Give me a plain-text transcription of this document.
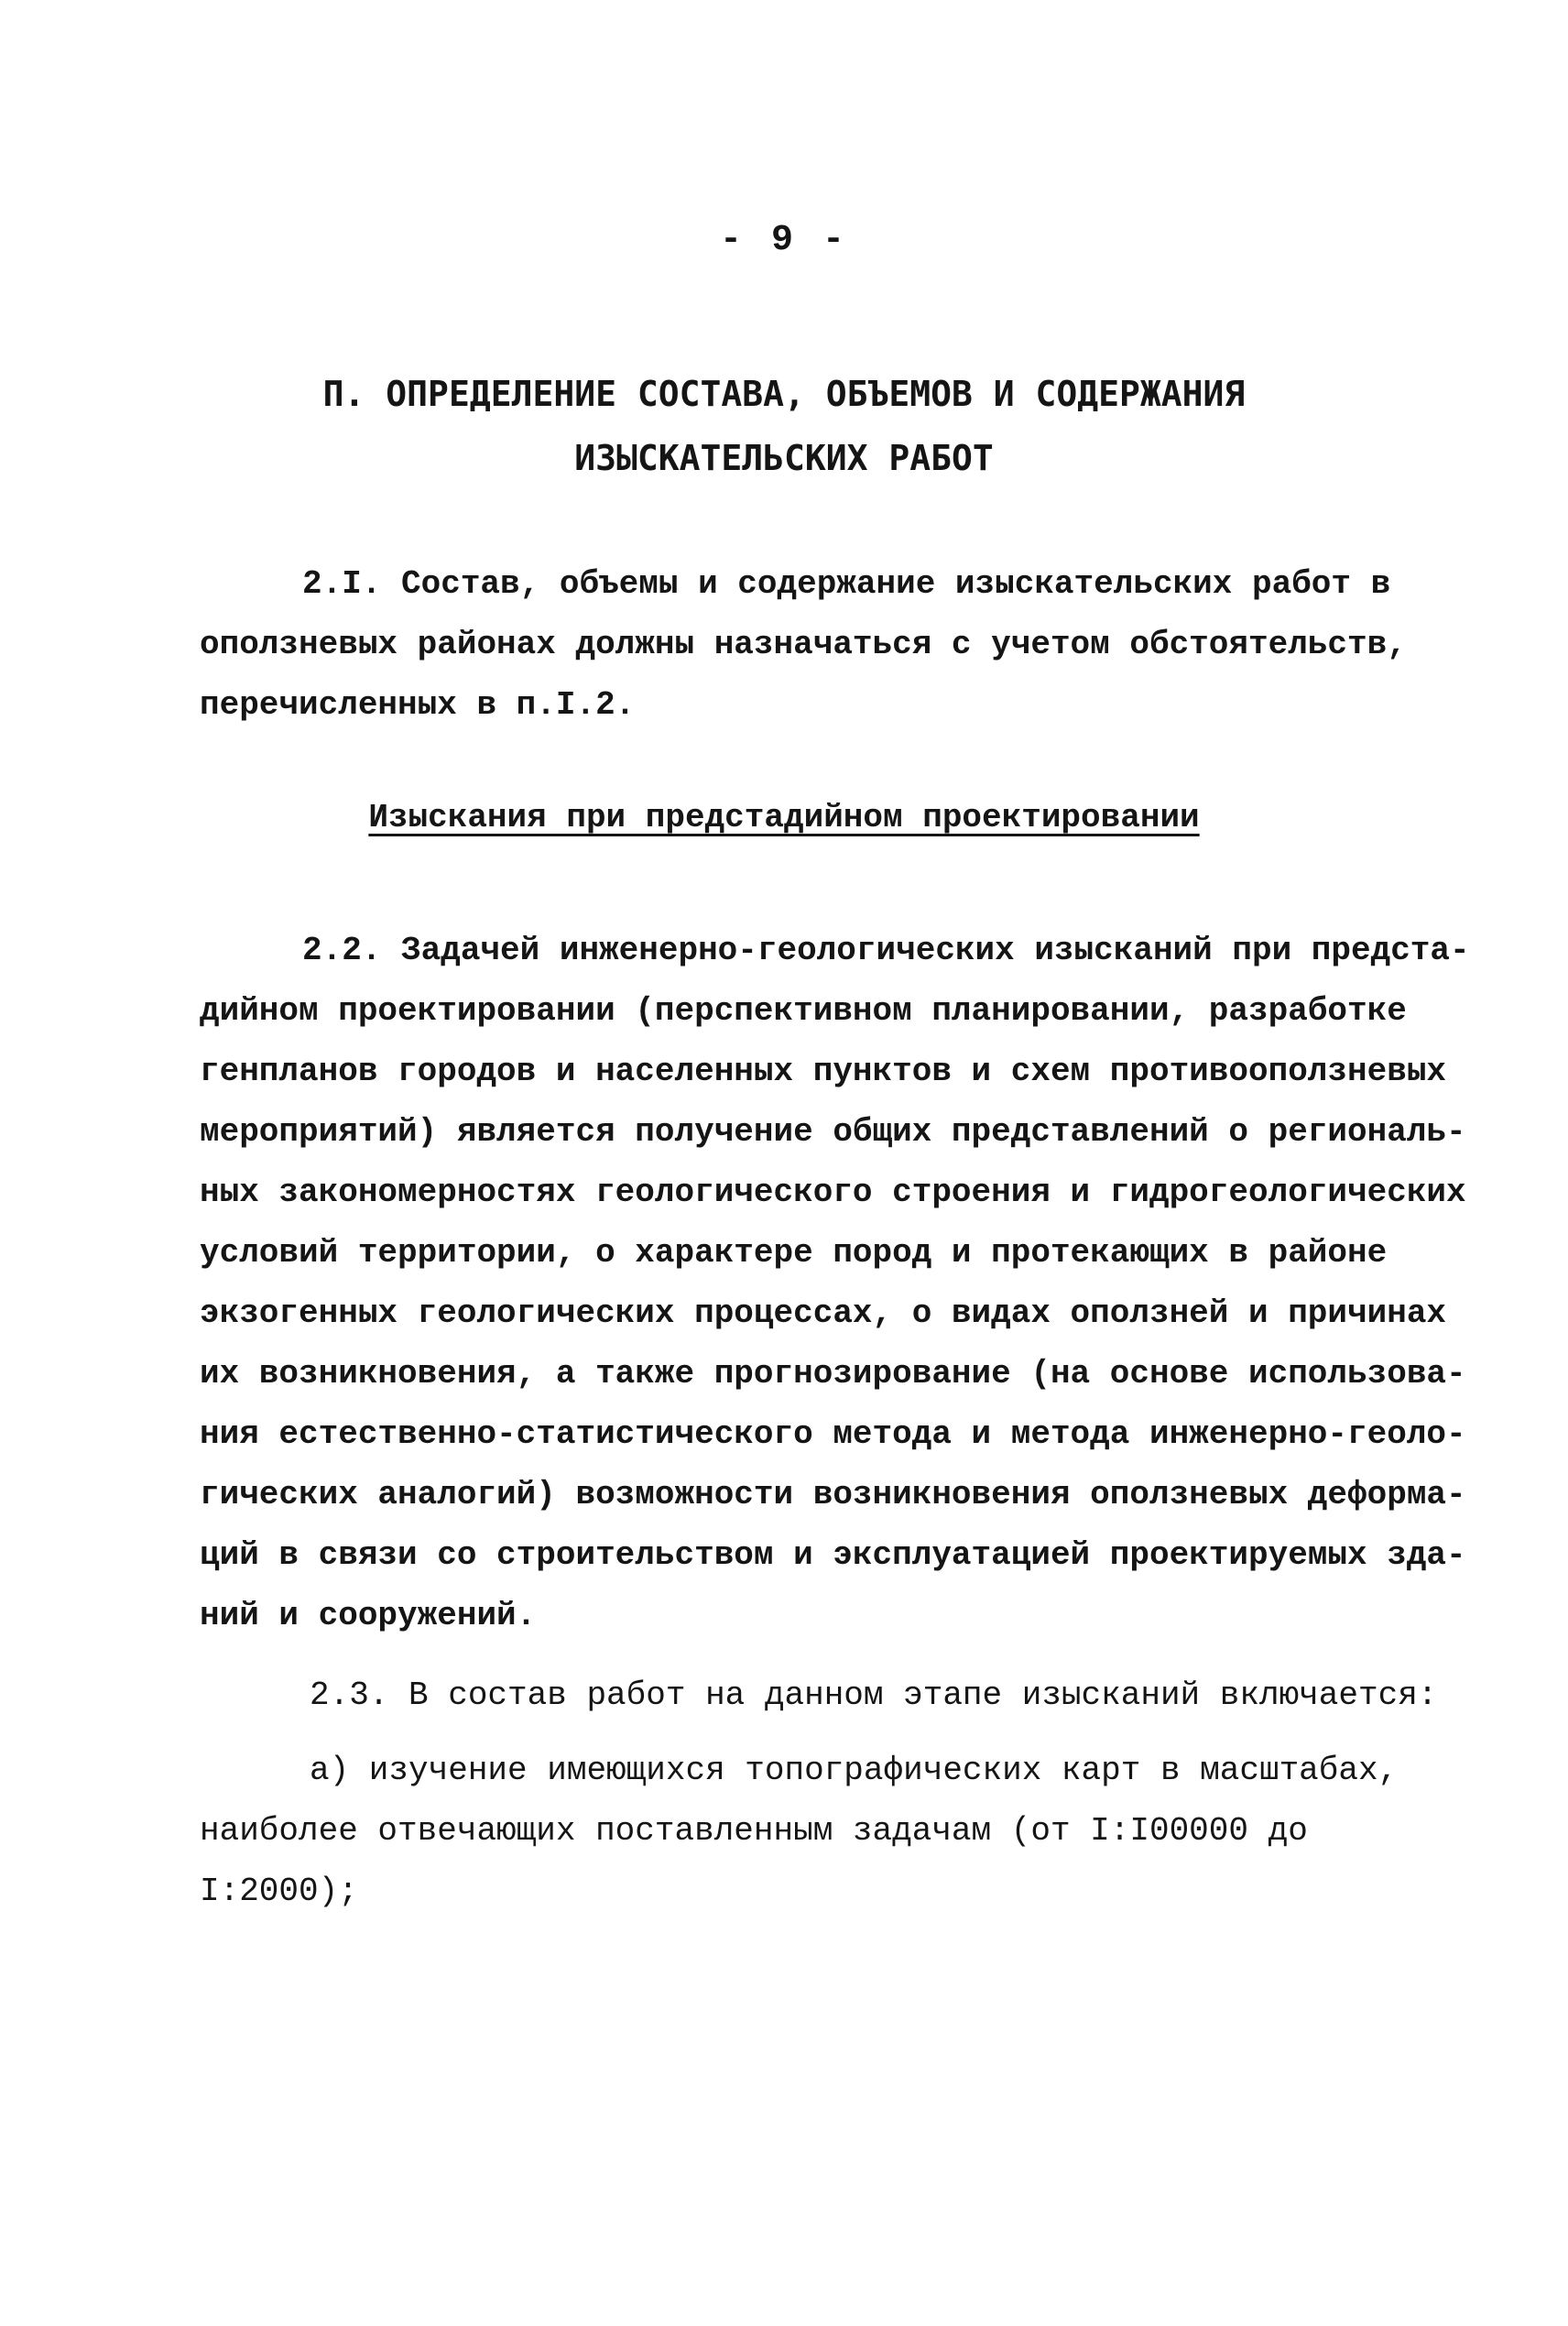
- 9 -
П. ОПРЕДЕЛЕНИЕ СОСТАВА, ОБЪЕМОВ И СОДЕРЖАНИЯ
ИЗЫСКАТЕЛЬСКИХ РАБОТ
2.I. Состав, объемы и содержание изыскательских работ в
оползневых районах должны назначаться с учетом обстоятельств,
перечисленных в п.I.2.
Изыскания при предстадийном проектировании
2.2. Задачей инженерно-геологических изысканий при предста-
дийном проектировании (перспективном планировании, разработке
генпланов городов и населенных пунктов и схем противооползневых
мероприятий) является получение общих представлений о региональ-
ных закономерностях геологического строения и гидрогеологических
условий территории, о характере пород и протекающих в районе
экзогенных геологических процессах, о видах оползней и причинах
их возникновения, а также прогнозирование (на основе использова-
ния естественно-статистического метода и метода инженерно-геоло-
гических аналогий) возможности возникновения оползневых деформа-
ций в связи со строительством и эксплуатацией проектируемых зда-
ний и сооружений.
2.3. В состав работ на данном этапе изысканий включается:
а) изучение имеющихся топографических карт в масштабах,
наиболее отвечающих поставленным задачам (от I:I00000 до
I:2000);
